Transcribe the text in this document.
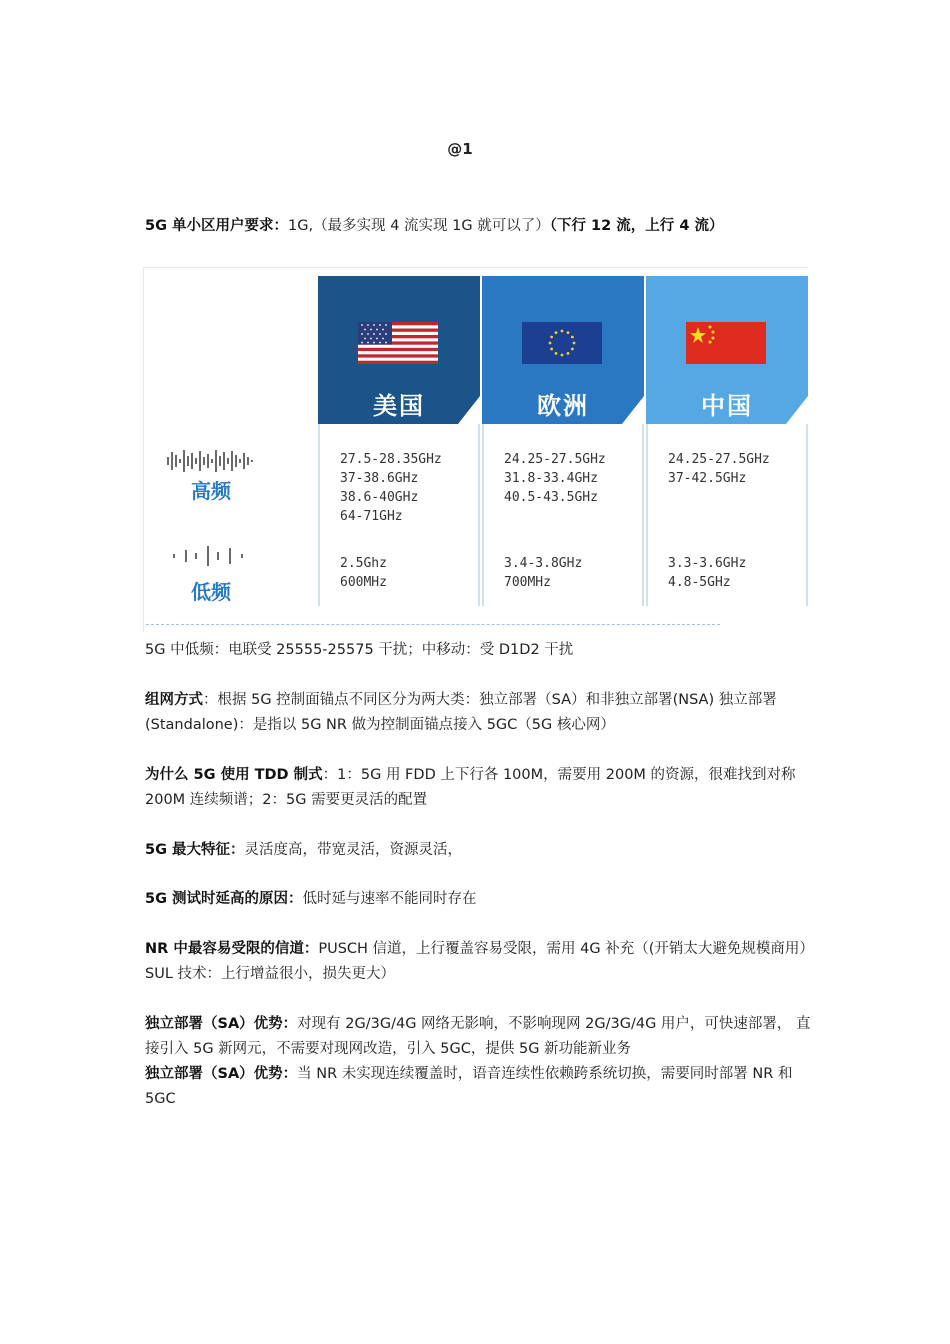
@1
5G 单小区用户要求：1G,（最多实现 4 流实现 1G 就可以了）（下行 12 流，上行 4 流）
高频
低频
美国
27.5-28.35GHz
37-38.6GHz
38.6-40GHz
64-71GHz
2.5Ghz
600MHz
欧洲
24.25-27.5GHz
31.8-33.4GHz
40.5-43.5GHz
3.4-3.8GHz
700MHz
中国
24.25-27.5GHz
37-42.5GHz
3.3-3.6GHz
4.8-5GHz
5G 中低频：电联受 25555-25575 干扰；中移动：受 D1D2 干扰
组网方式：根据 5G 控制面锚点不同区分为两大类：独立部署（SA）和非独立部署(NSA) 独立部署(Standalone)：是指以 5G NR 做为控制面锚点接入 5GC（5G 核心网）
为什么 5G 使用 TDD 制式：1：5G 用 FDD 上下行各 100M，需要用 200M 的资源，很难找到对称 200M 连续频谱；2：5G 需要更灵活的配置
5G 最大特征：灵活度高，带宽灵活，资源灵活，
5G 测试时延高的原因：低时延与速率不能同时存在
NR 中最容易受限的信道：PUSCH 信道，上行覆盖容易受限，需用 4G 补充（(开销太大避免规模商用）SUL 技术：上行增益很小，损失更大）
独立部署（SA）优势：对现有 2G/3G/4G 网络无影响，不影响现网 2G/3G/4G 用户，可快速部署， 直接引入 5G 新网元，不需要对现网改造，引入 5GC，提供 5G 新功能新业务
独立部署（SA）优势：当 NR 未实现连续覆盖时，语音连续性依赖跨系统切换，需要同时部署 NR 和 5GC
